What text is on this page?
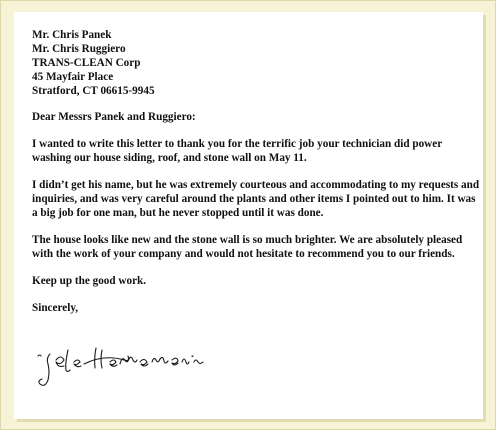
Mr. Chris Panek
Mr. Chris Ruggiero
TRANS-CLEAN Corp
45 Mayfair Place
Stratford, CT 06615-9945
Dear Messrs Panek and Ruggiero:
I wanted to write this letter to thank you for the terrific job your technician did power washing our house siding, roof, and stone wall on May 11.
I didn’t get his name, but he was extremely courteous and accommodating to my requests and inquiries, and was very careful around the plants and other items I pointed out to him. It was a big job for one man, but he never stopped until it was done.
The house looks like new and the stone wall is so much brighter. We are absolutely pleased with the work of your company and would not hesitate to recommend you to our friends.
Keep up the good work.
Sincerely,
